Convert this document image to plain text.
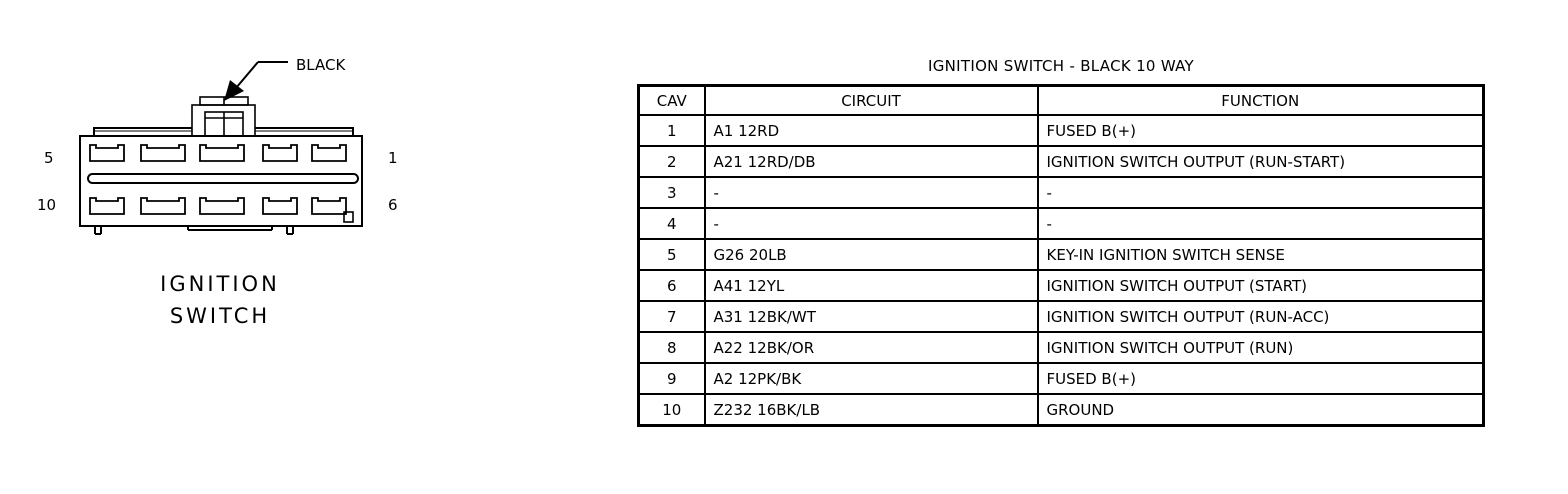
BLACK
5	1
10	6
IGNITION
SWITCH
IGNITION SWITCH - BLACK 10 WAY
CAV	CIRCUIT	FUNCTION
1	A1 12RD	FUSED B(+)
2	A21 12RD/DB	IGNITION SWITCH OUTPUT (RUN-START)
3	-	-
4	-	-
5	G26 20LB	KEY-IN IGNITION SWITCH SENSE
6	A41 12YL	IGNITION SWITCH OUTPUT (START)
7	A31 12BK/WT	IGNITION SWITCH OUTPUT (RUN-ACC)
8	A22 12BK/OR	IGNITION SWITCH OUTPUT (RUN)
9	A2 12PK/BK	FUSED B(+)
10	Z232 16BK/LB	GROUND
